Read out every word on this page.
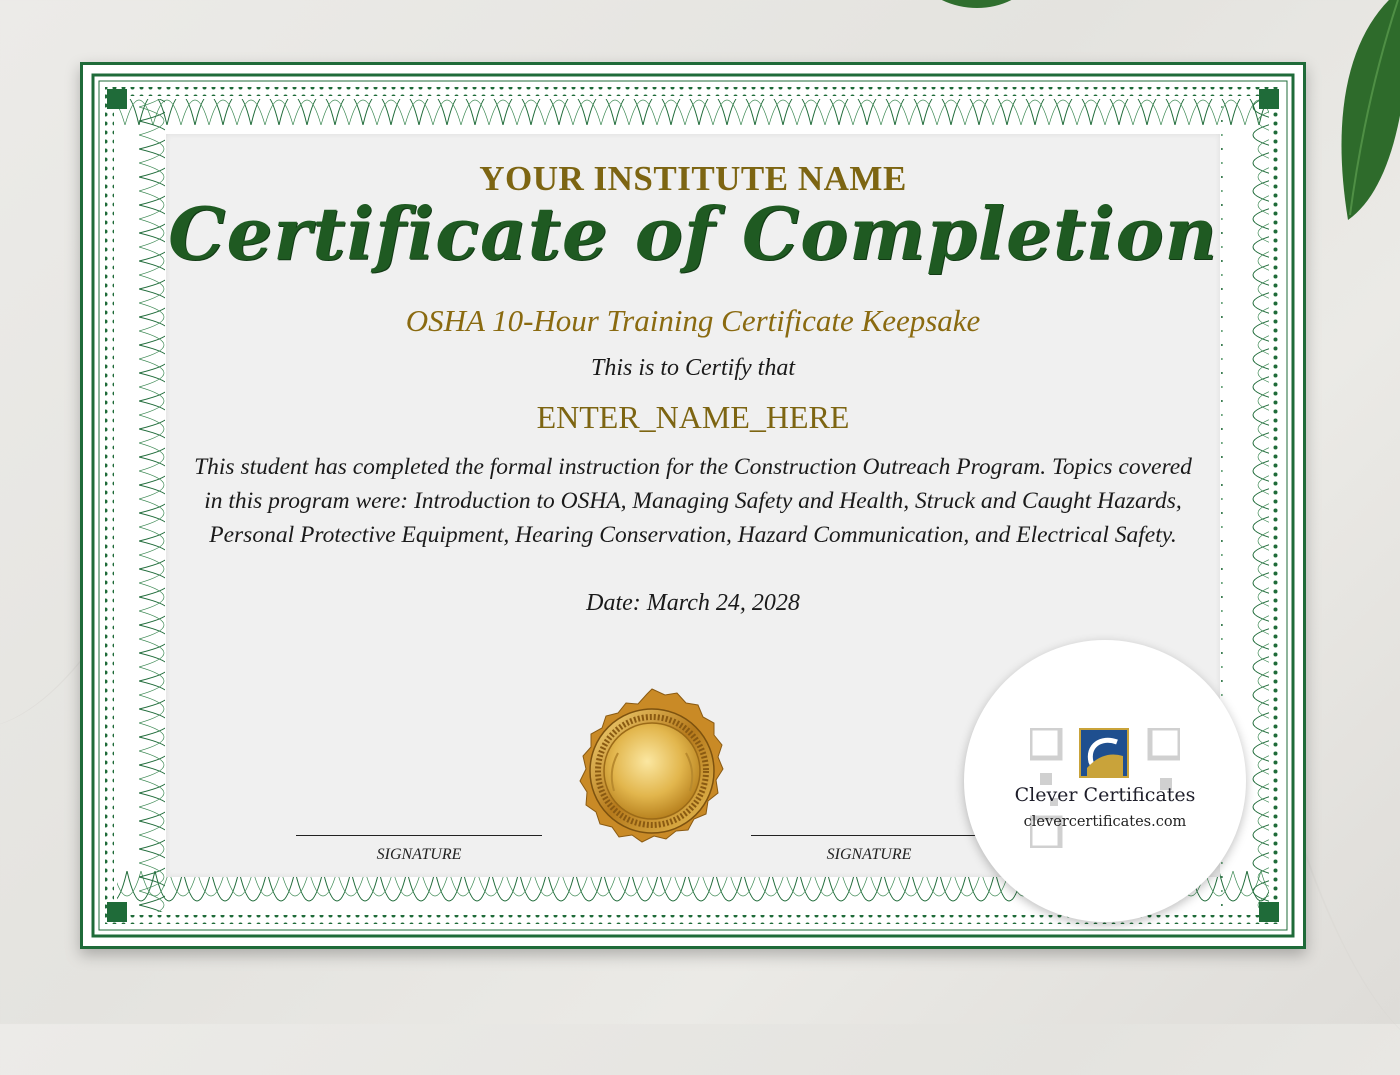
YOUR INSTITUTE NAME
Certificate of Completion
OSHA 10-Hour Training Certificate Keepsake
This is to Certify that
ENTER_NAME_HERE
This student has completed the formal instruction for the Construction Outreach Program. Topics covered in this program were: Introduction to OSHA, Managing Safety and Health, Struck and Caught Hazards, Personal Protective Equipment, Hearing Conservation, Hazard Communication, and Electrical Safety.
Date: March 24, 2028
SIGNATURE	SIGNATURE
Clever Certificates
clevercertificates.com
